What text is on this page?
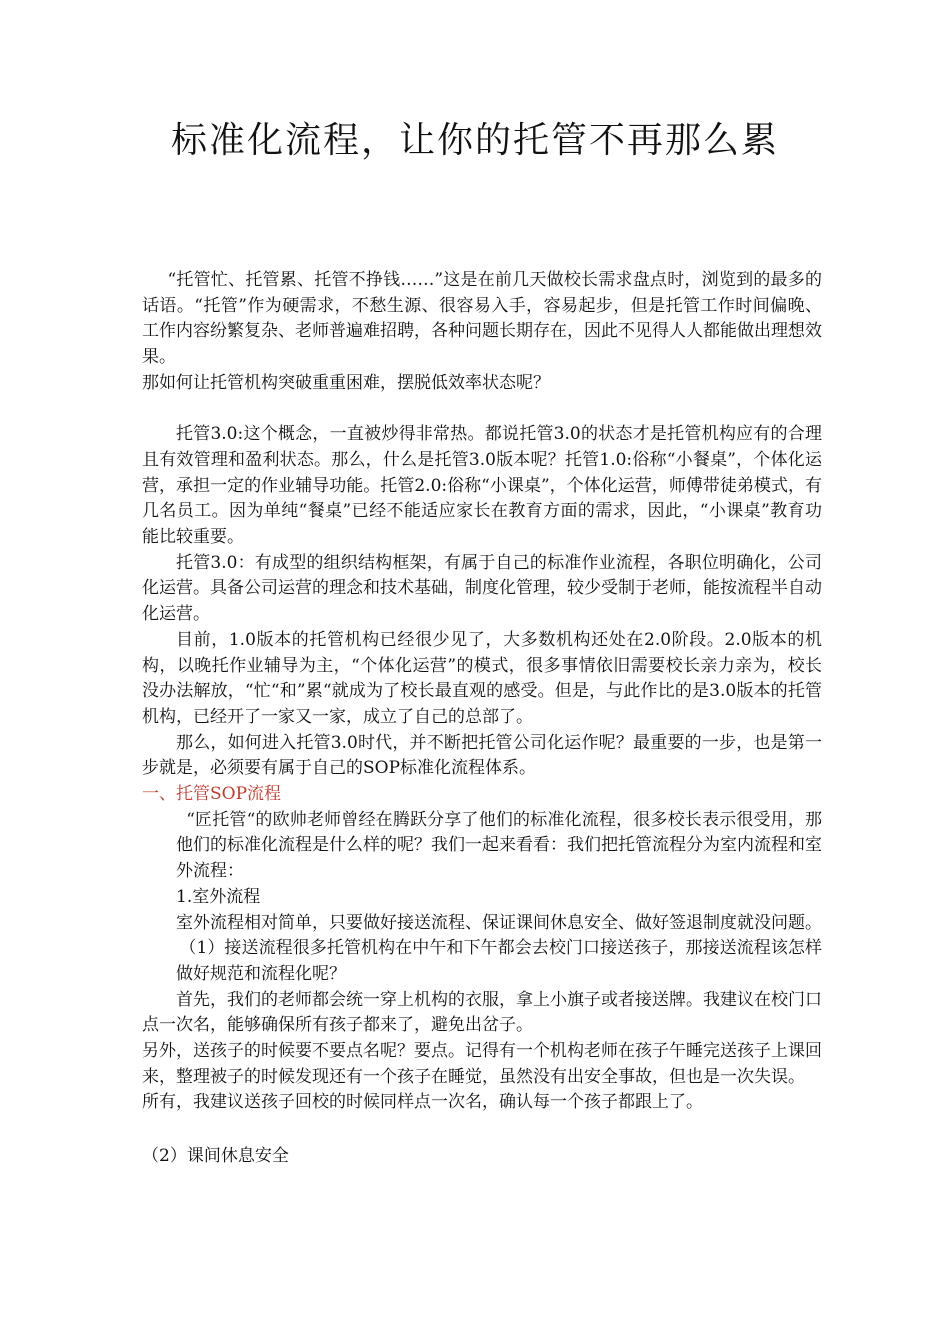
标准化流程，让你的托管不再那么累

“托管忙、托管累、托管不挣钱……”这是在前几天做校长需求盘点时，浏览到的最多的话语。“托管”作为硬需求，不愁生源、很容易入手，容易起步，但是托管工作时间偏晚、工作内容纷繁复杂、老师普遍难招聘，各种问题长期存在，因此不见得人人都能做出理想效果。

那如何让托管机构突破重重困难，摆脱低效率状态呢？

托管3.0:这个概念，一直被炒得非常热。都说托管3.0的状态才是托管机构应有的合理且有效管理和盈利状态。那么，什么是托管3.0版本呢？托管1.0:俗称“小餐桌”，个体化运营，承担一定的作业辅导功能。托管2.0:俗称“小课桌”，个体化运营，师傅带徒弟模式，有几名员工。因为单纯“餐桌”已经不能适应家长在教育方面的需求，因此，“小课桌”教育功能比较重要。

托管3.0：有成型的组织结构框架，有属于自己的标准作业流程，各职位明确化，公司化运营。具备公司运营的理念和技术基础，制度化管理，较少受制于老师，能按流程半自动化运营。

目前，1.0版本的托管机构已经很少见了，大多数机构还处在2.0阶段。2.0版本的机构，以晚托作业辅导为主，“个体化运营”的模式，很多事情依旧需要校长亲力亲为，校长没办法解放，“忙“和”累“就成为了校长最直观的感受。但是，与此作比的是3.0版本的托管机构，已经开了一家又一家，成立了自己的总部了。

那么，如何进入托管3.0时代，并不断把托管公司化运作呢？最重要的一步，也是第一步就是，必须要有属于自己的SOP标准化流程体系。

一、托管SOP流程

“匠托管“的欧帅老师曾经在腾跃分享了他们的标准化流程，很多校长表示很受用，那他们的标准化流程是什么样的呢？我们一起来看看：我们把托管流程分为室内流程和室外流程：

1.室外流程

室外流程相对简单，只要做好接送流程、保证课间休息安全、做好签退制度就没问题。

（1）接送流程很多托管机构在中午和下午都会去校门口接送孩子，那接送流程该怎样做好规范和流程化呢？

首先，我们的老师都会统一穿上机构的衣服，拿上小旗子或者接送牌。我建议在校门口点一次名，能够确保所有孩子都来了，避免出岔子。

另外，送孩子的时候要不要点名呢？要点。记得有一个机构老师在孩子午睡完送孩子上课回来，整理被子的时候发现还有一个孩子在睡觉，虽然没有出安全事故，但也是一次失误。

所有，我建议送孩子回校的时候同样点一次名，确认每一个孩子都跟上了。

（2）课间休息安全
